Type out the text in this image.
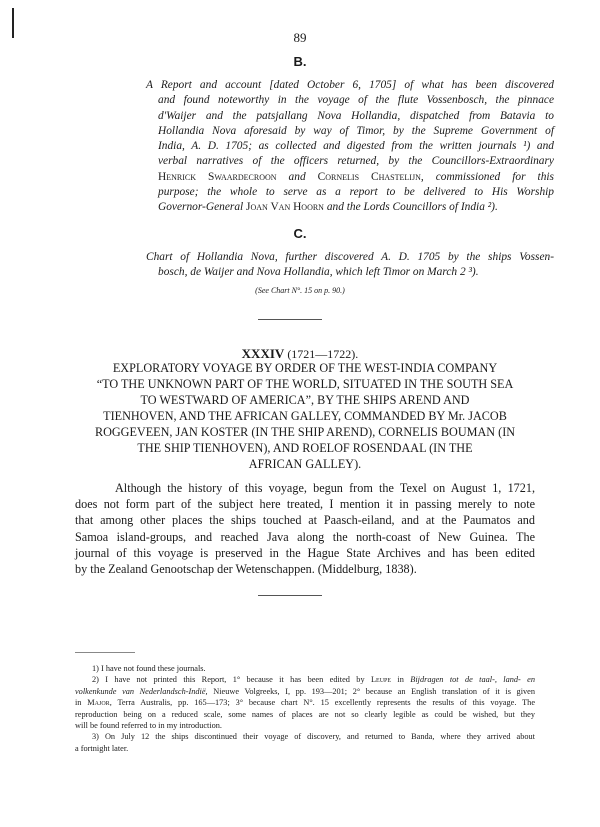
89
B.
A Report and account [dated October 6, 1705] of what has been discovered
and found noteworthy in the voyage of the flute Vossenbosch, the pinnace
d'Waijer and the patsjallang Nova Hollandia, dispatched from Batavia to
Hollandia Nova aforesaid by way of Timor, by the Supreme Government of
India, A. D. 1705; as collected and digested from the written journals ¹) and
verbal narratives of the officers returned, by the Councillors-Extraordinary
Henrick Swaardecroon and Cornelis Chastelijn, commissioned for this
purpose; the whole to serve as a report to be delivered to His Worship
Governor-General Joan Van Hoorn and the Lords Councillors of India ²).
C.
Chart of Hollandia Nova, further discovered A. D. 1705 by the ships Vossen-
bosch, de Waijer and Nova Hollandia, which left Timor on March 2 ³).
(See Chart N°. 15 on p. 90.)
XXXIV (1721—1722).
EXPLORATORY VOYAGE BY ORDER OF THE WEST-INDIA COMPANY
“TO THE UNKNOWN PART OF THE WORLD, SITUATED IN THE SOUTH SEA
TO WESTWARD OF AMERICA”, BY THE SHIPS AREND AND
TIENHOVEN, AND THE AFRICAN GALLEY, COMMANDED BY Mr. JACOB
ROGGEVEEN, JAN KOSTER (IN THE SHIP AREND), CORNELIS BOUMAN (IN
THE SHIP TIENHOVEN), AND ROELOF ROSENDAAL (IN THE
AFRICAN GALLEY).
Although the history of this voyage, begun from the Texel on August 1, 1721,
does not form part of the subject here treated, I mention it in passing merely to note
that among other places the ships touched at Paasch-eiland, and at the Paumatos and
Samoa island-groups, and reached Java along the north-coast of New Guinea. The
journal of this voyage is preserved in the Hague State Archives and has been edited
by the Zealand Genootschap der Wetenschappen. (Middelburg, 1838).
1) I have not found these journals.
2) I have not printed this Report, 1° because it has been edited by Leupe in Bijdragen tot de taal-, land- en
volkenkunde van Nederlandsch-Indië, Nieuwe Volgreeks, I, pp. 193—201; 2° because an English translation of it is given
in Major, Terra Australis, pp. 165—173; 3° because chart N°. 15 excellently represents the results of this voyage. The
reproduction being on a reduced scale, some names of places are not so clearly legible as could be wished, but they
will be found referred to in my introduction.
3) On July 12 the ships discontinued their voyage of discovery, and returned to Banda, where they arrived about
a fortnight later.
